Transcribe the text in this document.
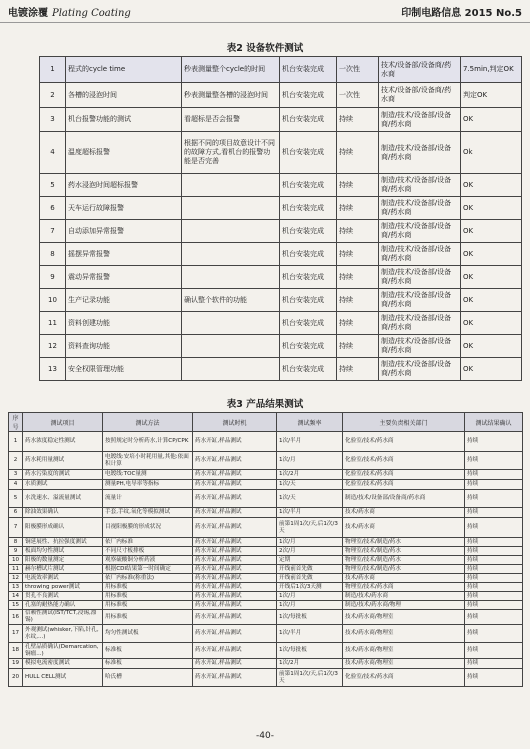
电镀涂覆 Plating Coating	印制电路信息 2015 No.5
表2 设备软件测试
1	程式的cycle time	秒表测量整个cycle的时间	机台安装完成	一次性	技术/设备部/设备商/药水商	7.5min,判定OK
2	各槽的浸泡时间	秒表测量整各槽的浸泡时间	机台安装完成	一次性	技术/设备部/设备商/药水商	判定OK
3	机台报警功能的测试	看超标是否会报警	机台安装完成	持续	制造/技术/设备部/设备商/药水商	OK
4	温度超标报警	根据不同的项目故意设计不同的故障方式,看机台的报警功能是否完善	机台安装完成	持续	制造/技术/设备部/设备商/药水商	Ok
5	药水浸泡时间超标报警		机台安装完成	持续	制造/技术/设备部/设备商/药水商	OK
6	天车运行故障报警		机台安装完成	持续	制造/技术/设备部/设备商/药水商	OK
7	自动添加异常报警		机台安装完成	持续	制造/技术/设备部/设备商/药水商	OK
8	摇摆异常报警		机台安装完成	持续	制造/技术/设备部/设备商/药水商	OK
9	震动异常报警		机台安装完成	持续	制造/技术/设备部/设备商/药水商	OK
10	生产记录功能	确认整个软件的功能	机台安装完成	持续	制造/技术/设备部/设备商/药水商	OK
11	资料创建功能		机台安装完成	持续	制造/技术/设备部/设备商/药水商	OK
12	资料查询功能		机台安装完成	持续	制造/技术/设备部/设备商/药水商	OK
13	安全权限管理功能		机台安装完成	持续	制造/技术/设备部/设备商/药水商	OK
表3 产品结果测试
序号	测试项目	测试方法	测试时机	测试频率	主要负责相关部门	测试结果确认
1	药水浓度稳定性测试	按照规定时分析药水,计算CP/CPK	药水开缸,样品测试	1次/半月	化验室/技术/药水商	持续
2	药水耗用量测试	电镀线:安培小时耗用量,其他:依面积计算	药水开缸,样品测试	1次/月	化验室/技术/药水商	持续
3	药水污染度的测试	电镀线:TOC量测	药水开缸,样品测试	1次/2月	化验室/技术/药水商	持续
4	水质测试	测量PH,电导率等指标	药水开缸,样品测试	1次/天	化验室/技术/药水商	持续
5	水洗速水、溢流量测试	流量计	药水开缸,样品测试	1次/天	制造/技术/设备部/设备商/药水商	持续
6	除油效果确认	手套,手纹,氧化等模拟测试	药水开缸,样品测试	1次/半月	技术/药水商	持续
7	阳极膜形成确认	目视阳极膜的形成状况	药水开缸,样品测试	前第1周1次/天,后1次/3天	技术/药水商	持续
8	铜延展性、抗拉强度测试	依厂内标准	药水开缸,样品测试	1次/月	物理室/技术/制造/药水	持续
9	板面均匀性测试	不同尺寸板排板	药水开缸,样品测试	2次/月	物理室/技术/制造/药水	持续
10	阳极的数量测定	观察硫酸铜分析药液	药水开缸,样品测试	定期	物理室/技术/制造/药水	持续
11	赫尔槽试片测试	根据CDI结果第一时间确定	药水开缸,样品测试	开线前首先做	物理室/技术/制造/药水	持续
12	电流效率测试	依厂内标准(称重法)	药水开缸,样品测试	开线前首先做	技术/药水商	持续
13	throwing power测试	用标准板	药水开缸,样品测试	开线后1次/3天测	物理室/技术/药水商	持续
14	贯孔不良测试	用标准板	药水开缸,样品测试	1次/月	制造/技术/药水商	持续
15	孔塞的耐热能力确认	用标准板	药水开缸,样品测试	1次/月	制造/技术/药水商/物理	持续
16	信赖性测试(IST/TCT,浸锡,漂锡)	用标准板	药水开缸,样品测试	1次/每批板	技术/药水商/物理室	持续
17	外观测试(whisker,下陷,针孔,水纹,...)	均匀性测试板	药水开缸,样品测试	1次/半月	技术/药水商/物理室	持续
18	孔壁品质确认(Demarcation,铜瘤...)	标准板	药水开缸,样品测试	1次/每批板	技术/药水商/物理室	持续
19	模拟电流密度测试	标准板	药水开缸,样品测试	1次/2月	技术/药水商/物理室	持续
20	HULL CELL测试	哈氏槽	药水开缸,样品测试	前第1周1次/天,后1次/3天	化验室/技术/药水商	持续
-40-
